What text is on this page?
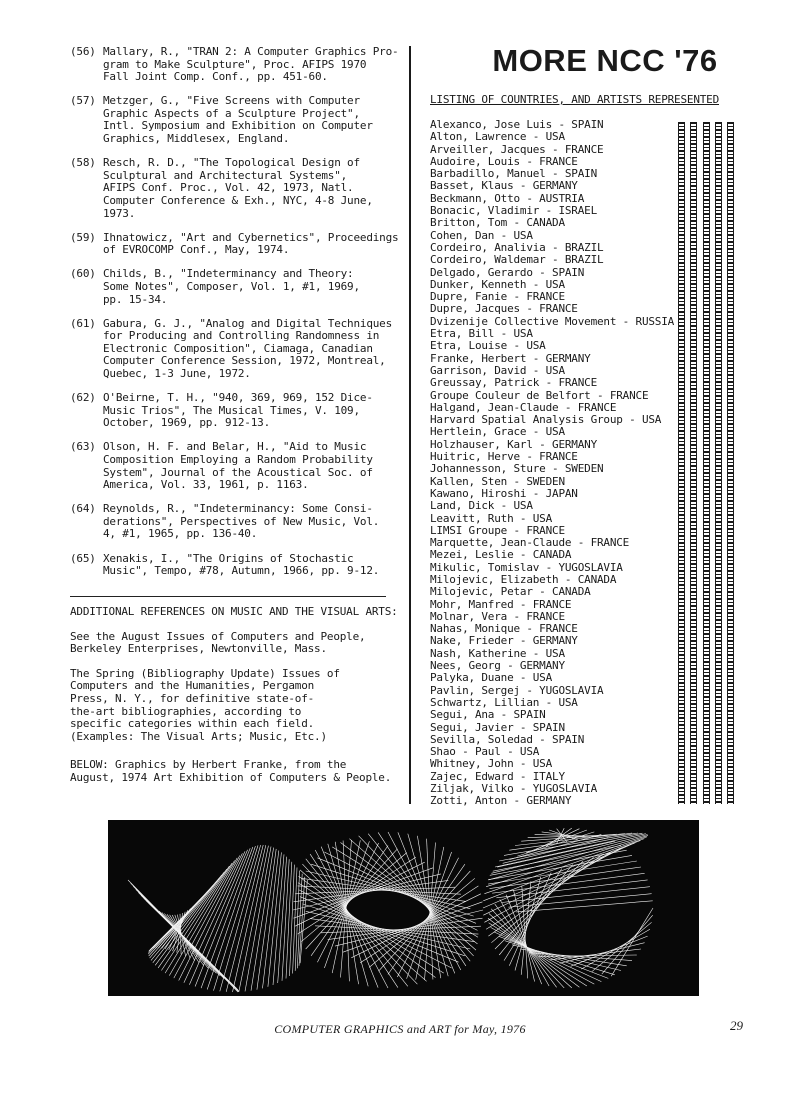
(56) Mallary, R., "TRAN 2: A Computer Graphics Pro-
gram to Make Sculpture", Proc. AFIPS 1970
Fall Joint Comp. Conf., pp. 451-60.
(57) Metzger, G., "Five Screens with Computer
Graphic Aspects of a Sculpture Project",
Intl. Symposium and Exhibition on Computer
Graphics, Middlesex, England.
(58) Resch, R. D., "The Topological Design of
Sculptural and Architectural Systems",
AFIPS Conf. Proc., Vol. 42, 1973, Natl.
Computer Conference & Exh., NYC, 4-8 June,
1973.
(59) Ihnatowicz, "Art and Cybernetics", Proceedings
of EVROCOMP Conf., May, 1974.
(60) Childs, B., "Indeterminancy and Theory:
Some Notes", Composer, Vol. 1, #1, 1969,
pp. 15-34.
(61) Gabura, G. J., "Analog and Digital Techniques
for Producing and Controlling Randomness in
Electronic Composition", Ciamaga, Canadian
Computer Conference Session, 1972, Montreal,
Quebec, 1-3 June, 1972.
(62) O'Beirne, T. H., "940, 369, 969, 152 Dice-
Music Trios", The Musical Times, V. 109,
October, 1969, pp. 912-13.
(63) Olson, H. F. and Belar, H., "Aid to Music
Composition Employing a Random Probability
System", Journal of the Acoustical Soc. of
America, Vol. 33, 1961, p. 1163.
(64) Reynolds, R., "Indeterminancy: Some Consi-
derations", Perspectives of New Music, Vol.
4, #1, 1965, pp. 136-40.
(65) Xenakis, I., "The Origins of Stochastic
Music", Tempo, #78, Autumn, 1966, pp. 9-12.
ADDITIONAL REFERENCES ON MUSIC AND THE VISUAL ARTS:

See the August Issues of Computers and People,
Berkeley Enterprises, Newtonville, Mass.

The Spring (Bibliography Update) Issues of
Computers and the Humanities, Pergamon
Press, N. Y., for definitive state-of-
the-art bibliographies, according to
specific categories within each field.
(Examples: The Visual Arts; Music, Etc.)

BELOW: Graphics by Herbert Franke, from the
August, 1974 Art Exhibition of Computers & People.

MORE NCC '76
LISTING OF COUNTRIES, AND ARTISTS REPRESENTED
Alexanco, Jose Luis - SPAIN
Alton, Lawrence - USA
Arveiller, Jacques - FRANCE
Audoire, Louis - FRANCE
Barbadillo, Manuel - SPAIN
Basset, Klaus - GERMANY
Beckmann, Otto - AUSTRIA
Bonacic, Vladimir - ISRAEL
Britton, Tom - CANADA
Cohen, Dan - USA
Cordeiro, Analivia - BRAZIL
Cordeiro, Waldemar - BRAZIL
Delgado, Gerardo - SPAIN
Dunker, Kenneth - USA
Dupre, Fanie - FRANCE
Dupre, Jacques - FRANCE
Dvizenije Collective Movement - RUSSIA
Etra, Bill - USA
Etra, Louise - USA
Franke, Herbert - GERMANY
Garrison, David - USA
Greussay, Patrick - FRANCE
Groupe Couleur de Belfort - FRANCE
Halgand, Jean-Claude - FRANCE
Harvard Spatial Analysis Group - USA
Hertlein, Grace - USA
Holzhauser, Karl - GERMANY
Huitric, Herve - FRANCE
Johannesson, Sture - SWEDEN
Kallen, Sten - SWEDEN
Kawano, Hiroshi - JAPAN
Land, Dick - USA
Leavitt, Ruth - USA
LIMSI Groupe - FRANCE
Marquette, Jean-Claude - FRANCE
Mezei, Leslie - CANADA
Mikulic, Tomislav - YUGOSLAVIA
Milojevic, Elizabeth - CANADA
Milojevic, Petar - CANADA
Mohr, Manfred - FRANCE
Molnar, Vera - FRANCE
Nahas, Monique - FRANCE
Nake, Frieder - GERMANY
Nash, Katherine - USA
Nees, Georg - GERMANY
Palyka, Duane - USA
Pavlin, Sergej - YUGOSLAVIA
Schwartz, Lillian - USA
Segui, Ana - SPAIN
Segui, Javier - SPAIN
Sevilla, Soledad - SPAIN
Shao - Paul - USA
Whitney, John - USA
Zajec, Edward - ITALY
Ziljak, Vilko - YUGOSLAVIA
Zotti, Anton - GERMANY
COMPUTER GRAPHICS and ART for May, 1976	29
